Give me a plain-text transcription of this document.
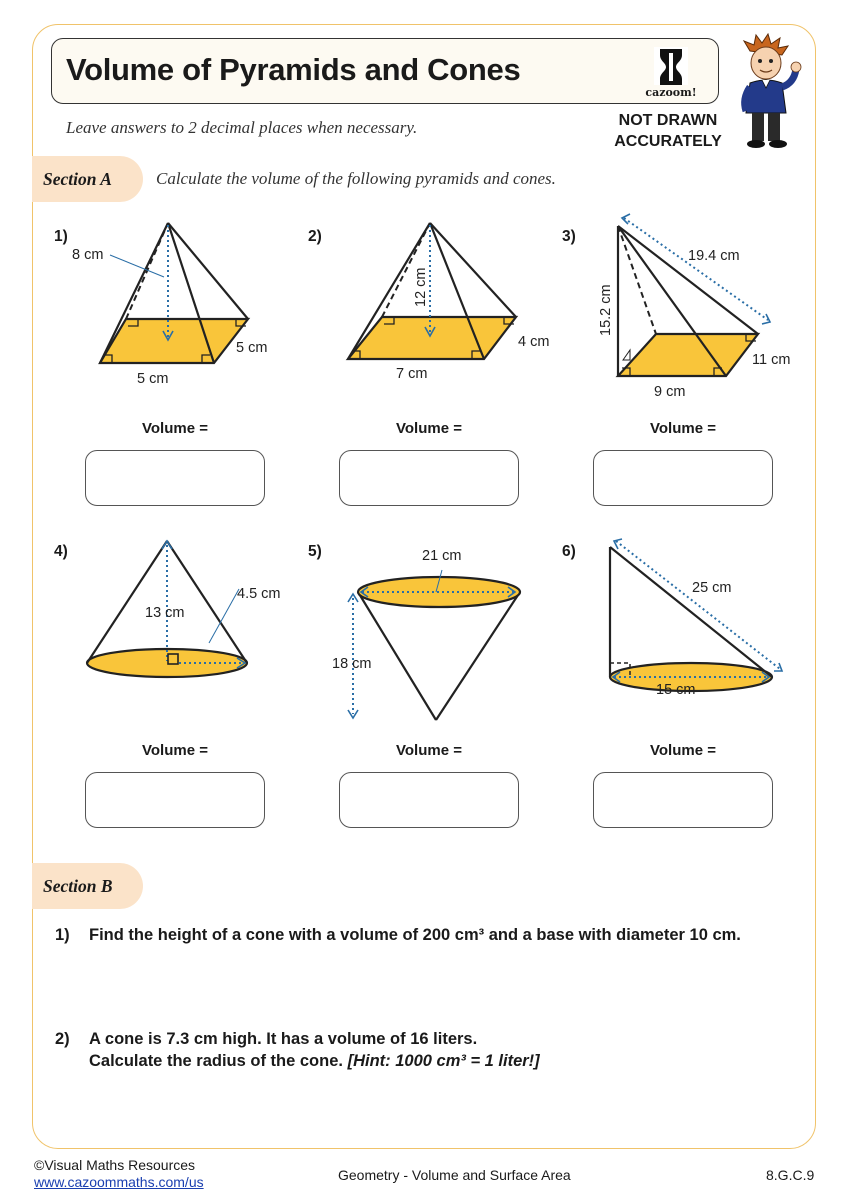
Volume of Pyramids and Cones
cazoom!
Leave answers to 2 decimal places when necessary.	NOT DRAWN
ACCURATELY
Section A	Calculate the volume of the following pyramids and cones.
1)
8 cm
5 cm
5 cm
Volume =
2)
12 cm
4 cm
7 cm
Volume =
3)
19.4 cm
15.2 cm
11 cm
9 cm
Volume =
4)
4.5 cm
13 cm
Volume =
5)	21 cm
18 cm
Volume =
6)
25 cm
15 cm
Volume =
Section B
1) Find the height of a cone with a volume of 200 cm³ and a base with diameter 10 cm.
2) A cone is 7.3 cm high. It has a volume of 16 liters.
Calculate the radius of the cone. [Hint: 1000 cm³ = 1 liter!]
©Visual Maths Resources
www.cazoommaths.com/us	Geometry - Volume and Surface Area	8.G.C.9
